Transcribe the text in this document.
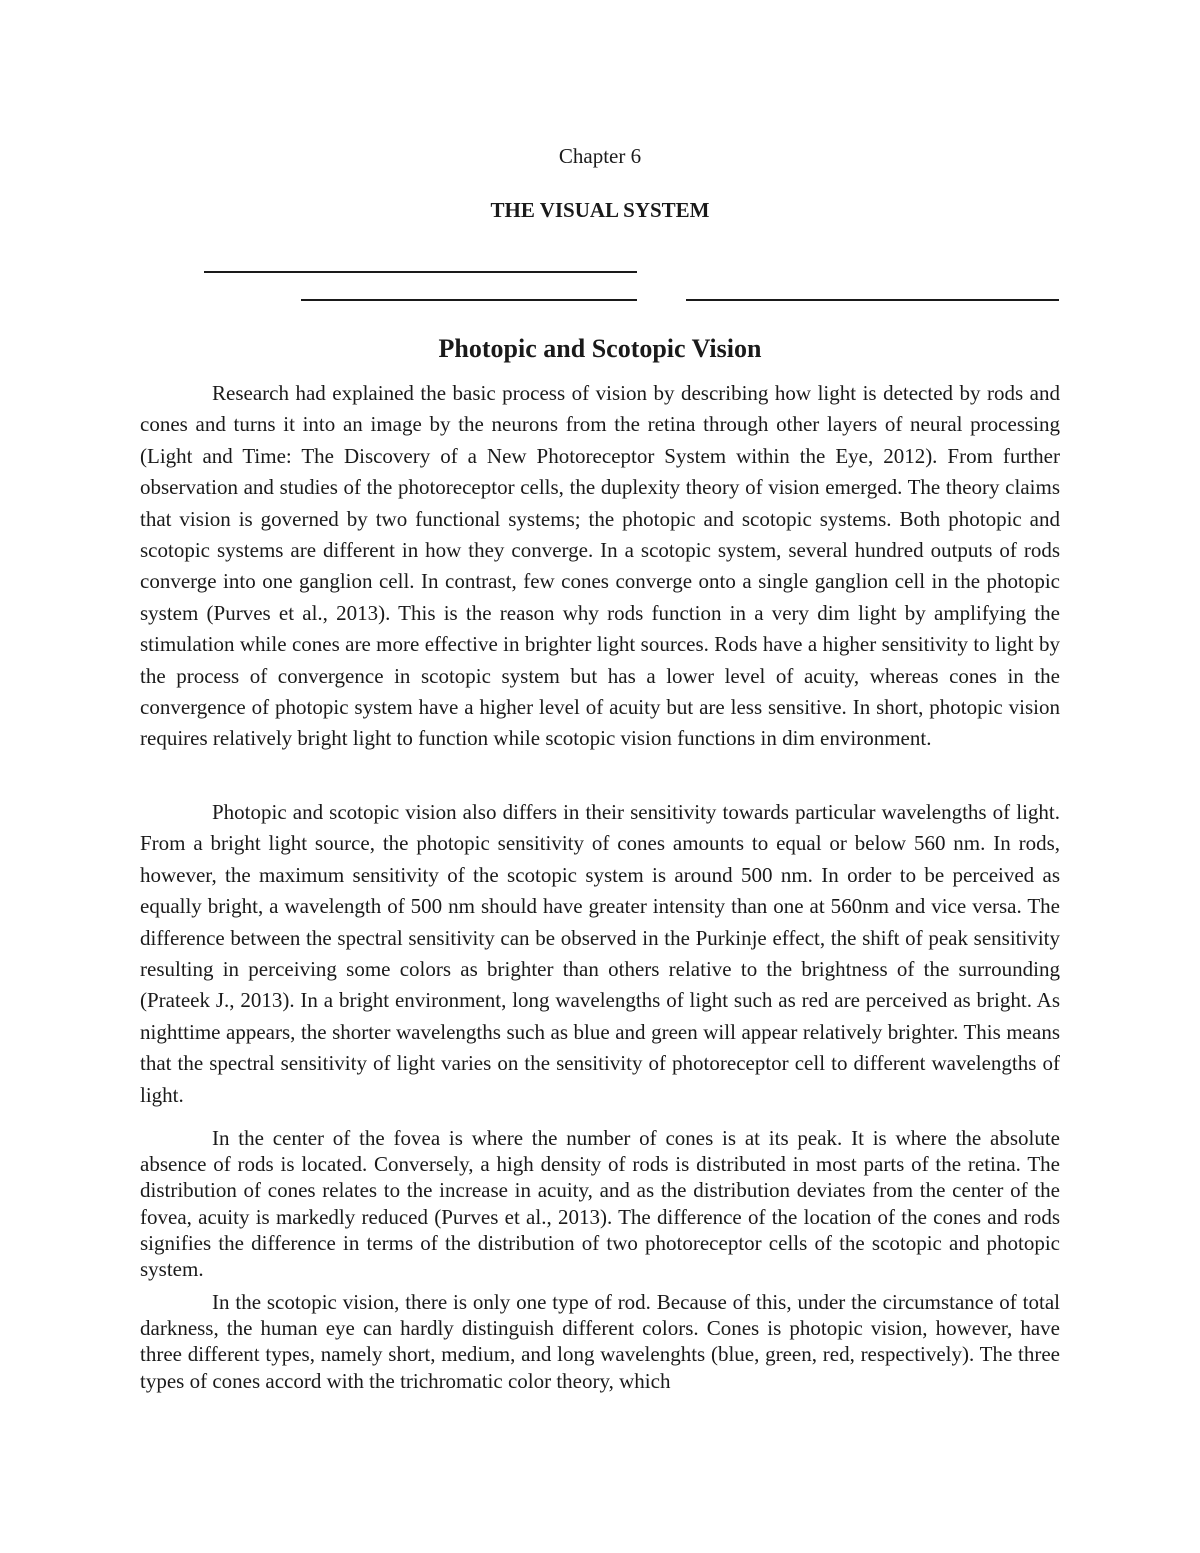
Chapter 6
THE VISUAL SYSTEM
Photopic and Scotopic Vision

Research had explained the basic process of vision by describing how light is detected by rods and cones and turns it into an image by the neurons from the retina through other layers of neural processing (Light and Time: The Discovery of a New Photoreceptor System within the Eye, 2012). From further observation and studies of the photoreceptor cells, the duplexity theory of vision emerged. The theory claims that vision is governed by two functional systems; the photopic and scotopic systems. Both photopic and scotopic systems are different in how they converge. In a scotopic system, several hundred outputs of rods converge into one ganglion cell. In contrast, few cones converge onto a single ganglion cell in the photopic system (Purves et al., 2013). This is the reason why rods function in a very dim light by amplifying the stimulation while cones are more effective in brighter light sources. Rods have a higher sensitivity to light by the process of convergence in scotopic system but has a lower level of acuity, whereas cones in the convergence of photopic system have a higher level of acuity but are less sensitive. In short, photopic vision requires relatively bright light to function while scotopic vision functions in dim environment.

Photopic and scotopic vision also differs in their sensitivity towards particular wavelengths of light. From a bright light source, the photopic sensitivity of cones amounts to equal or below 560 nm. In rods, however, the maximum sensitivity of the scotopic system is around 500 nm. In order to be perceived as equally bright, a wavelength of 500 nm should have greater intensity than one at 560nm and vice versa. The difference between the spectral sensitivity can be observed in the Purkinje effect, the shift of peak sensitivity resulting in perceiving some colors as brighter than others relative to the brightness of the surrounding (Prateek J., 2013). In a bright environment, long wavelengths of light such as red are perceived as bright. As nighttime appears, the shorter wavelengths such as blue and green will appear relatively brighter. This means that the spectral sensitivity of light varies on the sensitivity of photoreceptor cell to different wavelengths of light.

In the center of the fovea is where the number of cones is at its peak. It is where the absolute absence of rods is located. Conversely, a high density of rods is distributed in most parts of the retina. The distribution of cones relates to the increase in acuity, and as the distribution deviates from the center of the fovea, acuity is markedly reduced (Purves et al., 2013). The difference of the location of the cones and rods signifies the difference in terms of the distribution of two photoreceptor cells of the scotopic and photopic system.

In the scotopic vision, there is only one type of rod. Because of this, under the circumstance of total darkness, the human eye can hardly distinguish different colors. Cones is photopic vision, however, have three different types, namely short, medium, and long wavelenghts (blue, green, red, respectively). The three types of cones accord with the trichromatic color theory, which
